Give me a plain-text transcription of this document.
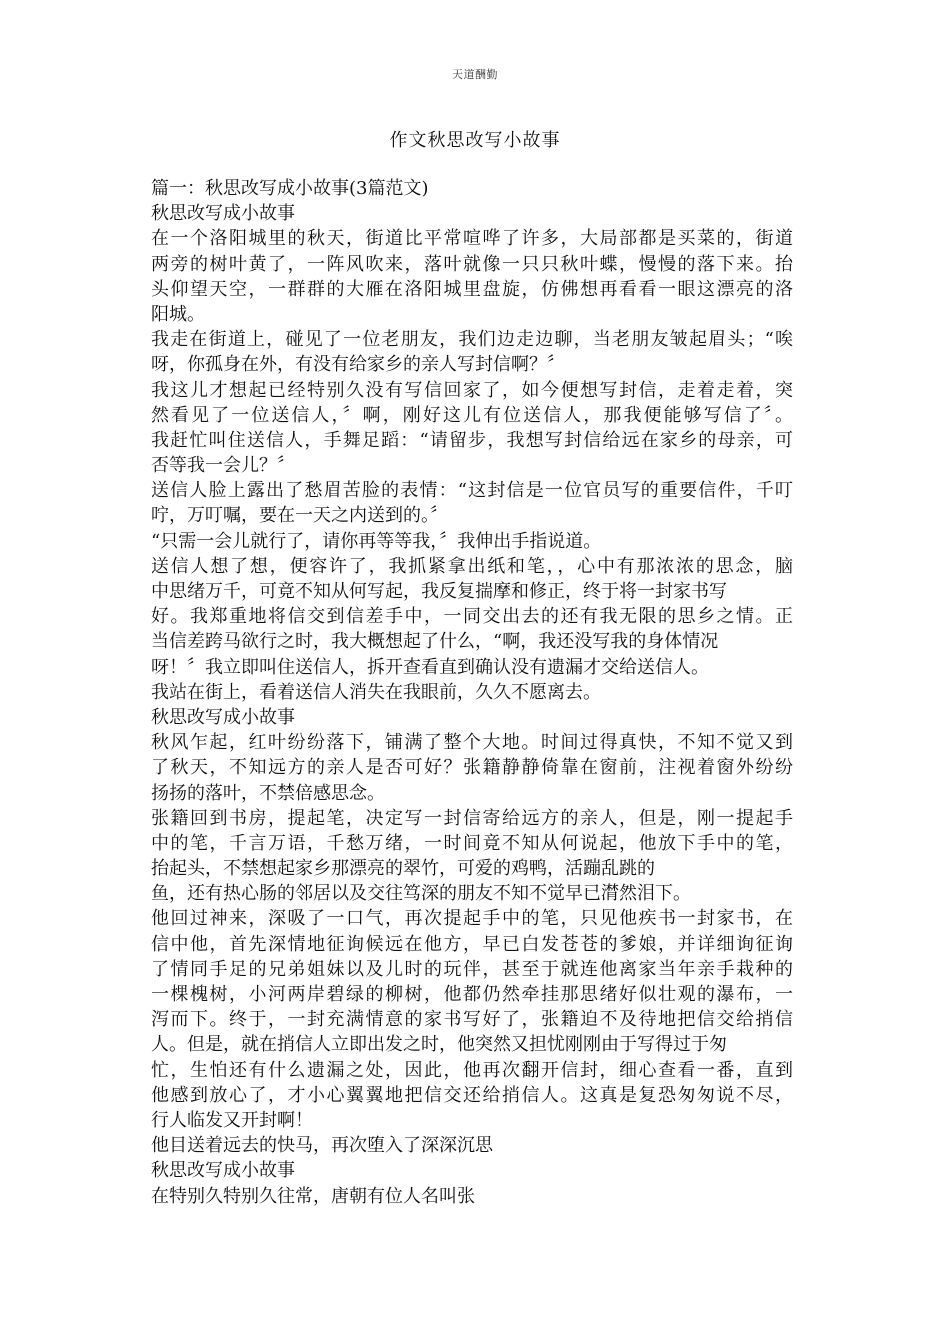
天道酬勤
作文秋思改写小故事
篇一：秋思改写成小故事(3篇范文)
秋思改写成小故事
在一个洛阳城里的秋天，街道比平常喧哗了许多，大局部都是买菜的，街道
两旁的树叶黄了，一阵风吹来，落叶就像一只只秋叶蝶，慢慢的落下来。抬
头仰望天空，一群群的大雁在洛阳城里盘旋，仿佛想再看看一眼这漂亮的洛
阳城。
我走在街道上，碰见了一位老朋友，我们边走边聊，当老朋友皱起眉头；“唉
呀，你孤身在外，有没有给家乡的亲人写封信啊？〞
我这儿才想起已经特别久没有写信回家了，如今便想写封信，走着走着，突
然看见了一位送信人，〞啊，刚好这儿有位送信人，那我便能够写信了〞。
我赶忙叫住送信人，手舞足蹈：“请留步，我想写封信给远在家乡的母亲，可
否等我一会儿？〞
送信人脸上露出了愁眉苦脸的表情：“这封信是一位官员写的重要信件，千叮
咛，万叮嘱，要在一天之内送到的。〞
“只需一会儿就行了，请你再等等我，〞我伸出手指说道。
送信人想了想，便容许了，我抓紧拿出纸和笔，，心中有那浓浓的思念，脑
中思绪万千，可竟不知从何写起，我反复揣摩和修正，终于将一封家书写
好。我郑重地将信交到信差手中，一同交出去的还有我无限的思乡之情。正
当信差跨马欲行之时，我大概想起了什么，“啊，我还没写我的身体情况
呀！〞我立即叫住送信人，拆开查看直到确认没有遗漏才交给送信人。
我站在街上，看着送信人消失在我眼前，久久不愿离去。
秋思改写成小故事
秋风乍起，红叶纷纷落下，铺满了整个大地。时间过得真快，不知不觉又到
了秋天，不知远方的亲人是否可好？张籍静静倚靠在窗前，注视着窗外纷纷
扬扬的落叶，不禁倍感思念。
张籍回到书房，提起笔，决定写一封信寄给远方的亲人，但是，刚一提起手
中的笔，千言万语，千愁万绪，一时间竟不知从何说起，他放下手中的笔，
抬起头，不禁想起家乡那漂亮的翠竹，可爱的鸡鸭，活蹦乱跳的
鱼，还有热心肠的邻居以及交往笃深的朋友不知不觉早已潸然泪下。
他回过神来，深吸了一口气，再次提起手中的笔，只见他疾书一封家书，在
信中他，首先深情地征询候远在他方，早已白发苍苍的爹娘，并详细询征询
了情同手足的兄弟姐妹以及儿时的玩伴，甚至于就连他离家当年亲手栽种的
一棵槐树，小河两岸碧绿的柳树，他都仍然牵挂那思绪好似壮观的瀑布，一
泻而下。终于，一封充满情意的家书写好了，张籍迫不及待地把信交给捎信
人。但是，就在捎信人立即出发之时，他突然又担忧刚刚由于写得过于匆
忙，生怕还有什么遗漏之处，因此，他再次翻开信封，细心查看一番，直到
他感到放心了，才小心翼翼地把信交还给捎信人。这真是复恐匆匆说不尽，
行人临发又开封啊！
他目送着远去的快马，再次堕入了深深沉思
秋思改写成小故事
在特别久特别久往常，唐朝有位人名叫张
